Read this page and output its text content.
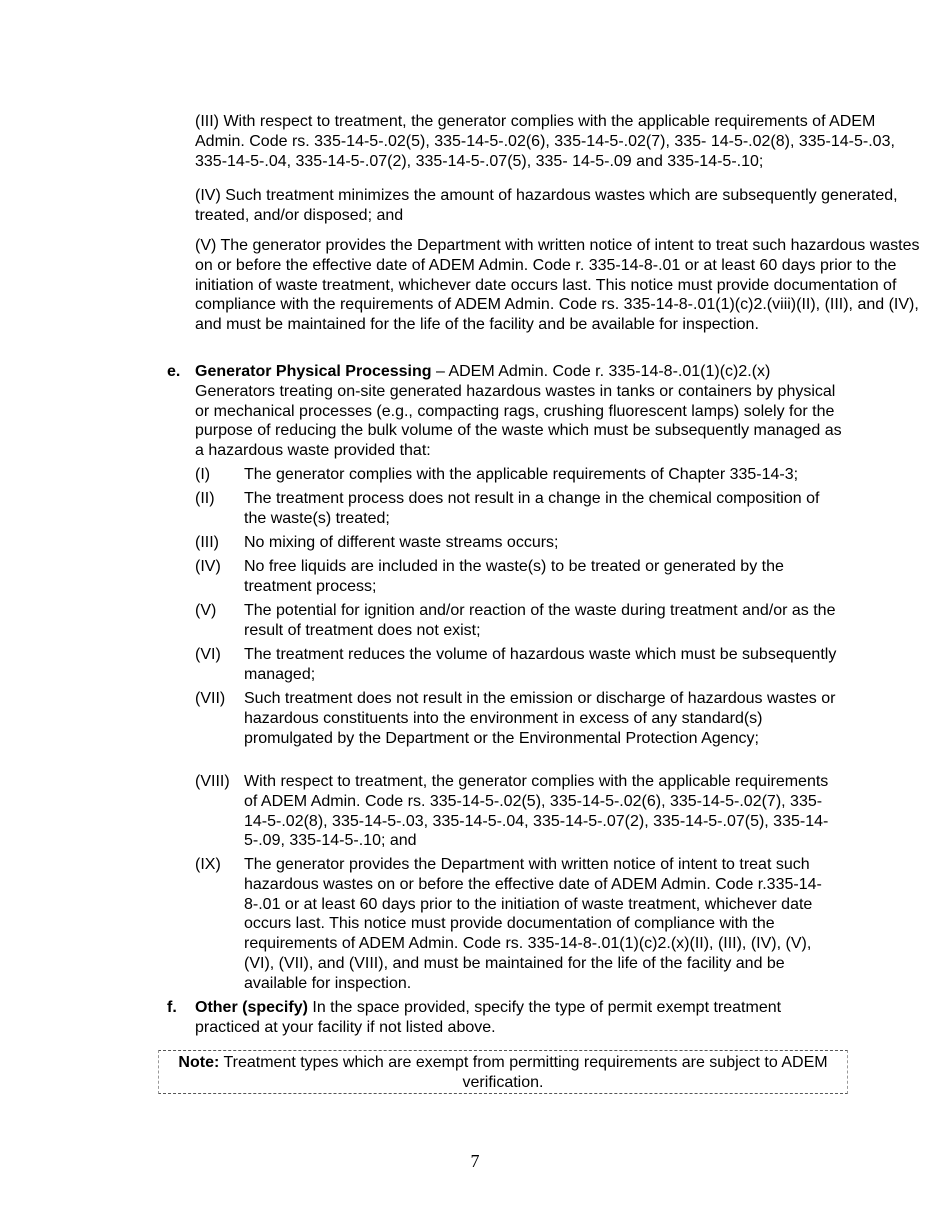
(III) With respect to treatment, the generator complies with the applicable requirements of ADEM Admin. Code rs. 335-14-5-.02(5), 335-14-5-.02(6), 335-14-5-.02(7), 335- 14-5-.02(8), 335-14-5-.03, 335-14-5-.04, 335-14-5-.07(2), 335-14-5-.07(5), 335- 14-5-.09 and 335-14-5-.10;

(IV) Such treatment minimizes the amount of hazardous wastes which are subsequently generated, treated, and/or disposed; and

(V) The generator provides the Department with written notice of intent to treat such hazardous wastes on or before the effective date of ADEM Admin. Code r. 335-14-8-.01 or at least 60 days prior to the initiation of waste treatment, whichever date occurs last. This notice must provide documentation of compliance with the requirements of ADEM Admin. Code rs. 335-14-8-.01(1)(c)2.(viii)(II), (III), and (IV), and must be maintained for the life of the facility and be available for inspection.

e. Generator Physical Processing – ADEM Admin. Code r. 335-14-8-.01(1)(c)2.(x)
Generators treating on-site generated hazardous wastes in tanks or containers by physical or mechanical processes (e.g., compacting rags, crushing fluorescent lamps) solely for the purpose of reducing the bulk volume of the waste which must be subsequently managed as a hazardous waste provided that:
(I) The generator complies with the applicable requirements of Chapter 335-14-3;
(II) The treatment process does not result in a change in the chemical composition of the waste(s) treated;
(III) No mixing of different waste streams occurs;
(IV) No free liquids are included in the waste(s) to be treated or generated by the treatment process;
(V) The potential for ignition and/or reaction of the waste during treatment and/or as the result of treatment does not exist;
(VI) The treatment reduces the volume of hazardous waste which must be subsequently managed;
(VII) Such treatment does not result in the emission or discharge of hazardous wastes or hazardous constituents into the environment in excess of any standard(s) promulgated by the Department or the Environmental Protection Agency;
(VIII) With respect to treatment, the generator complies with the applicable requirements of ADEM Admin. Code rs. 335-14-5-.02(5), 335-14-5-.02(6), 335-14-5-.02(7), 335- 14-5-.02(8), 335-14-5-.03, 335-14-5-.04, 335-14-5-.07(2), 335-14-5-.07(5), 335-14-5-.09, 335-14-5-.10; and
(IX) The generator provides the Department with written notice of intent to treat such hazardous wastes on or before the effective date of ADEM Admin. Code r.335-14-8-.01 or at least 60 days prior to the initiation of waste treatment, whichever date occurs last. This notice must provide documentation of compliance with the requirements of ADEM Admin. Code rs. 335-14-8-.01(1)(c)2.(x)(II), (III), (IV), (V), (VI), (VII), and (VIII), and must be maintained for the life of the facility and be available for inspection.
f. Other (specify) In the space provided, specify the type of permit exempt treatment practiced at your facility if not listed above.
Note: Treatment types which are exempt from permitting requirements are subject to ADEM verification.
7
